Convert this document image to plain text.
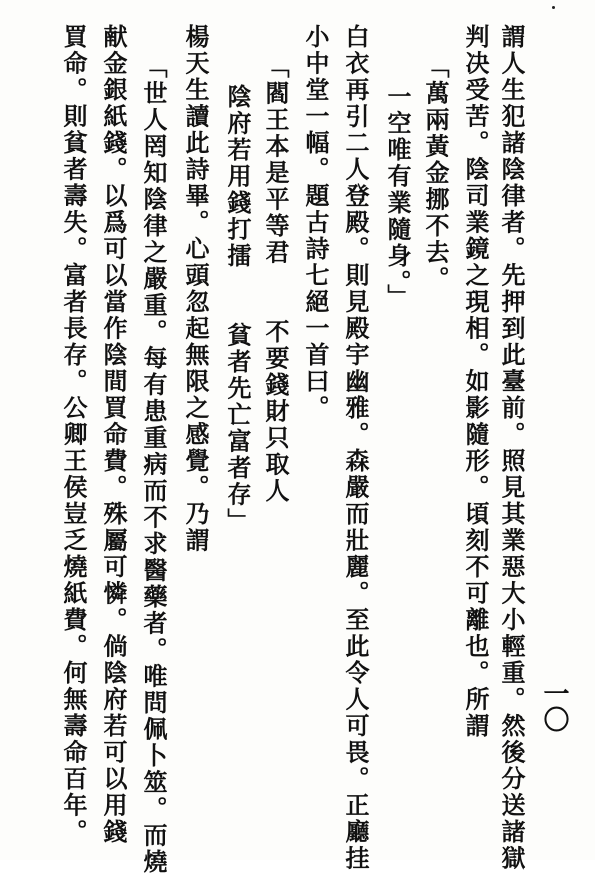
一〇
謂人生犯諸陰律者。先押到此臺前。照見其業惡大小輕重。然後分送諸獄
判决受苦。陰司業鏡之現相。如影隨形。頃刻不可離也。所謂
「萬兩黃金挪不去。
一空唯有業隨身。」
白衣再引二人登殿。則見殿宇幽雅。森嚴而壯麗。至此令人可畏。正廳挂
小中堂一幅。題古詩七絕一首曰。
「閻王本是平等君　　不要錢財只取人
陰府若用錢打擂　　貧者先亡富者存」
楊天生讀此詩畢。心頭忽起無限之感覺。乃謂
「世人罔知陰律之嚴重。每有患重病而不求醫藥者。唯問佩卜筮。而燒
献金銀紙錢。以爲可以當作陰間買命費。殊屬可憐。倘陰府若可以用錢
買命。則貧者壽失。富者長存。公卿王侯豈乏燒紙費。何無壽命百年。
